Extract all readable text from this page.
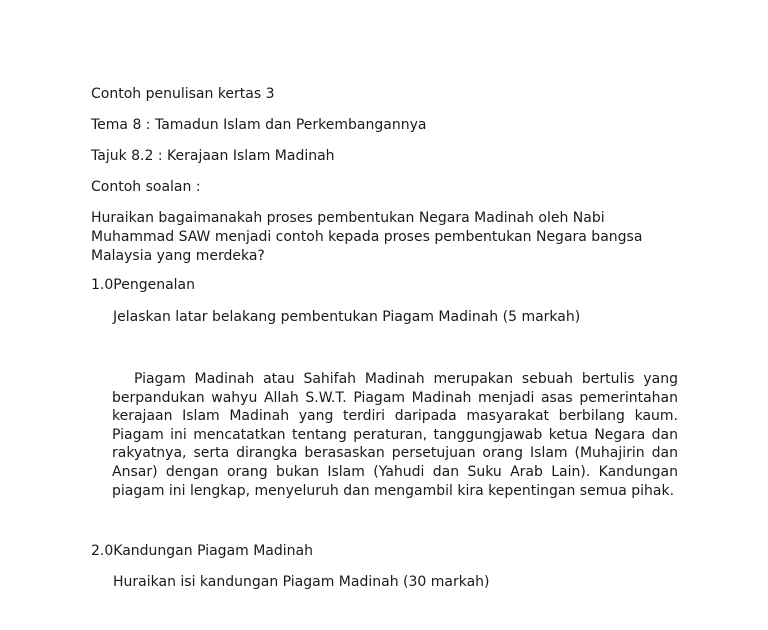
Contoh penulisan kertas 3
Tema 8 : Tamadun Islam dan Perkembangannya
Tajuk 8.2 : Kerajaan Islam Madinah
Contoh soalan :
Huraikan bagaimanakah proses pembentukan Negara Madinah oleh Nabi Muhammad SAW menjadi contoh kepada proses pembentukan Negara bangsa Malaysia yang merdeka?
1.0Pengenalan
Jelaskan latar belakang pembentukan Piagam Madinah (5 markah)
Piagam Madinah atau Sahifah Madinah merupakan sebuah bertulis yang berpandukan wahyu Allah S.W.T. Piagam Madinah menjadi asas pemerintahan kerajaan Islam Madinah yang terdiri daripada masyarakat berbilang kaum. Piagam ini mencatatkan tentang peraturan, tanggungjawab ketua Negara dan rakyatnya, serta dirangka berasaskan persetujuan orang Islam (Muhajirin dan Ansar) dengan orang bukan Islam (Yahudi dan Suku Arab Lain). Kandungan piagam ini lengkap, menyeluruh dan mengambil kira kepentingan semua pihak.
2.0Kandungan Piagam Madinah
Huraikan isi kandungan Piagam Madinah (30 markah)
